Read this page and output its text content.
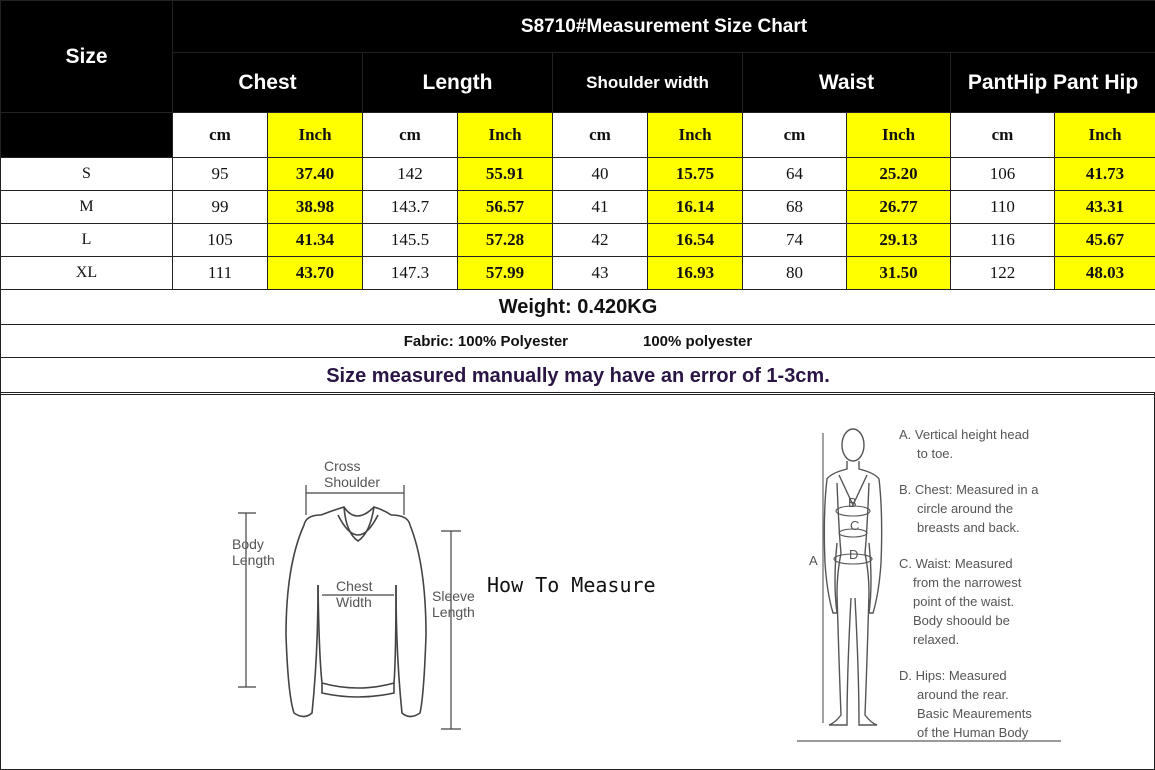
Size	S8710#Measurement Size Chart									
	Chest		Length		Shoulder width		Waist		PantHip Pant Hip	
	cm	Inch	cm	Inch	cm	Inch	cm	Inch	cm	Inch
S	95	37.40	142	55.91	40	15.75	64	25.20	106	41.73
M	99	38.98	143.7	56.57	41	16.14	68	26.77	110	43.31
L	105	41.34	145.5	57.28	42	16.54	74	29.13	116	45.67
XL	111	43.70	147.3	57.99	43	16.93	80	31.50	122	48.03
Weight: 0.420KG										
Fabric: 100% Polyester 100% polyester										
Size measured manually may have an error of 1-3cm.										
How To Measure
Cross
Shoulder
Body
Length
Chest
Width	Sleeve
Length
B
C
D
A
A. Vertical height head
to toe.
B. Chest: Measured in a
circle around the
breasts and back.
C. Waist: Measured
from the narrowest
point of the waist.
Body shoould be
relaxed.
D. Hips: Measured
around the rear.
Basic Meaurements
of the Human Body
